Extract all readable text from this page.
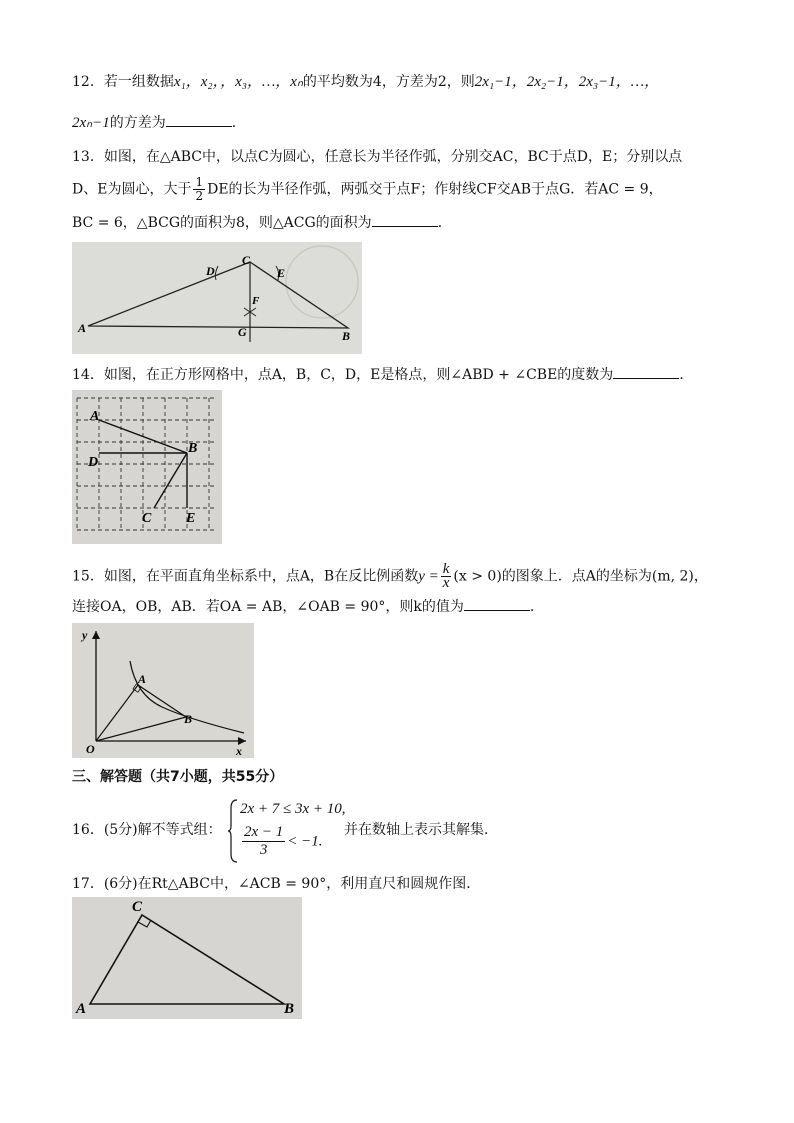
12．若一组数据x₁，x₂，，x₃，…，xₙ的平均数为4，方差为2，则2x₁−1，2x₂−1，2x₃−1，…，
2xₙ−1的方差为	．
13．如图，在△ABC中，以点C为圆心，任意长为半径作弧，分别交AC，BC于点D，E；分别以点
D、E为圆心，大于 $\frac{1}{2}$ DE的长为半径作弧，两弧交于点F；作射线CF交AB于点G．若AC = 9，
BC = 6，△BCG的面积为8，则△ACG的面积为	．
A
B
C
D	E
F
G
14．如图，在正方形网格中，点A，B，C，D，E是格点，则∠ABD + ∠CBE的度数为	．
A
B
C
D
E
15．如图，在平面直角坐标系中，点A，B在反比例函数$y = \frac{k}{x} (x > 0)$的图象上．点A的坐标为(m, 2)，
连接OA，OB，AB．若OA = AB，∠OAB = 90°，则k的值为	．
y
x
O
A
B
三、解答题（共7小题，共55分）
16．(5分)解不等式组：
2x + 7 ≤ 3x + 10,
$\frac{2x - 1}{3} < -1$.
并在数轴上表示其解集．
17．(6分)在Rt△ABC中，∠ACB = 90°，利用直尺和圆规作图．
A	B
C
